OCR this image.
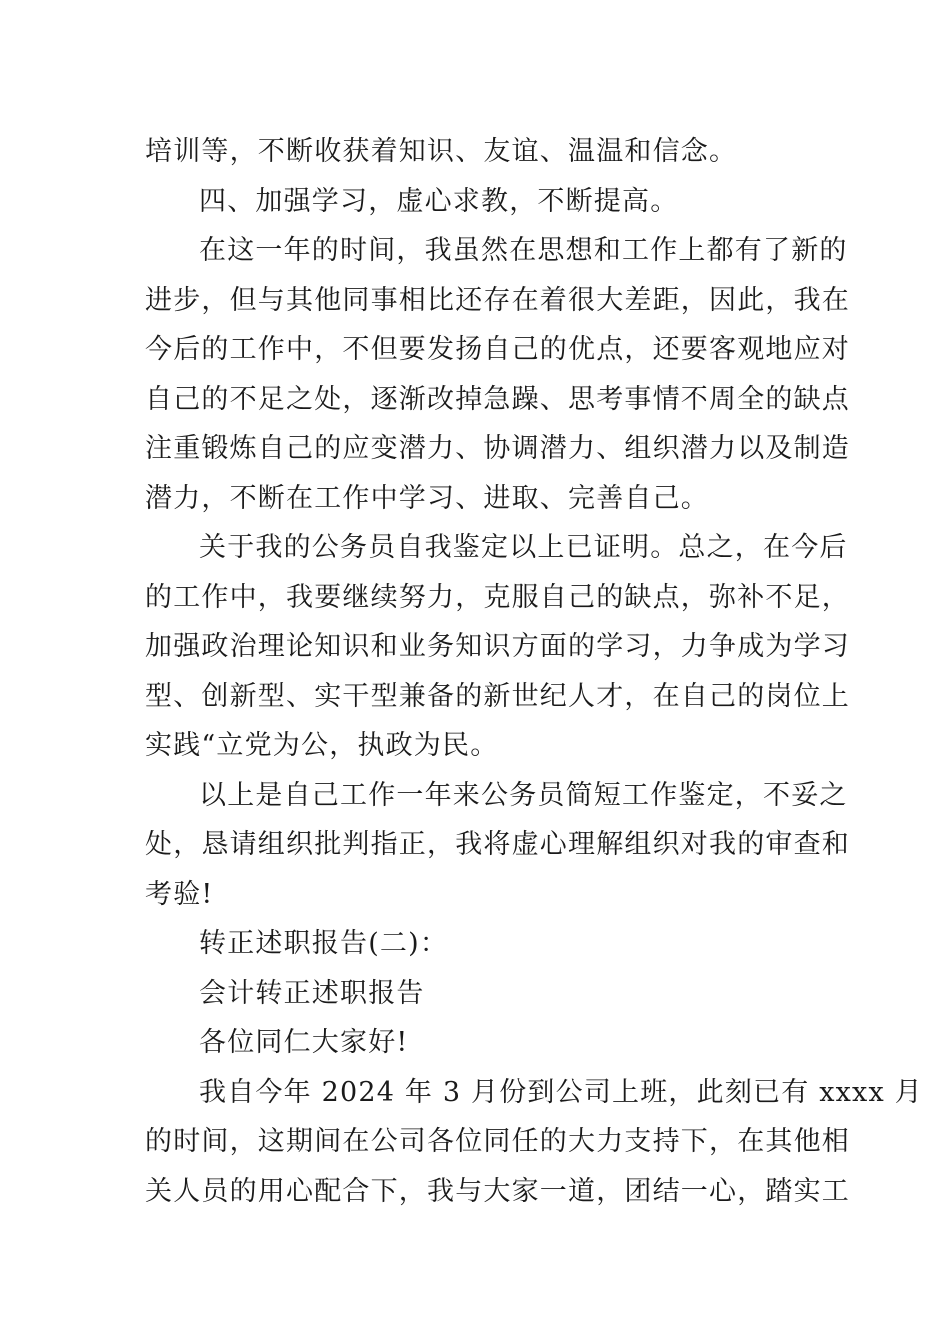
培训等，不断收获着知识、友谊、温温和信念。
四、加强学习，虚心求教，不断提高。
在这一年的时间，我虽然在思想和工作上都有了新的
进步，但与其他同事相比还存在着很大差距，因此，我在
今后的工作中，不但要发扬自己的优点，还要客观地应对
自己的不足之处，逐渐改掉急躁、思考事情不周全的缺点
注重锻炼自己的应变潜力、协调潜力、组织潜力以及制造
潜力，不断在工作中学习、进取、完善自己。
关于我的公务员自我鉴定以上已证明。总之，在今后
的工作中，我要继续努力，克服自己的缺点，弥补不足，
加强政治理论知识和业务知识方面的学习，力争成为学习
型、创新型、实干型兼备的新世纪人才，在自己的岗位上
实践“立党为公，执政为民。
以上是自己工作一年来公务员简短工作鉴定，不妥之
处，恳请组织批判指正，我将虚心理解组织对我的审查和
考验!
转正述职报告(二)：
会计转正述职报告
各位同仁大家好!
我自今年 2024 年 3 月份到公司上班，此刻已有 xxxx 月
的时间，这期间在公司各位同任的大力支持下，在其他相
关人员的用心配合下，我与大家一道，团结一心，踏实工
